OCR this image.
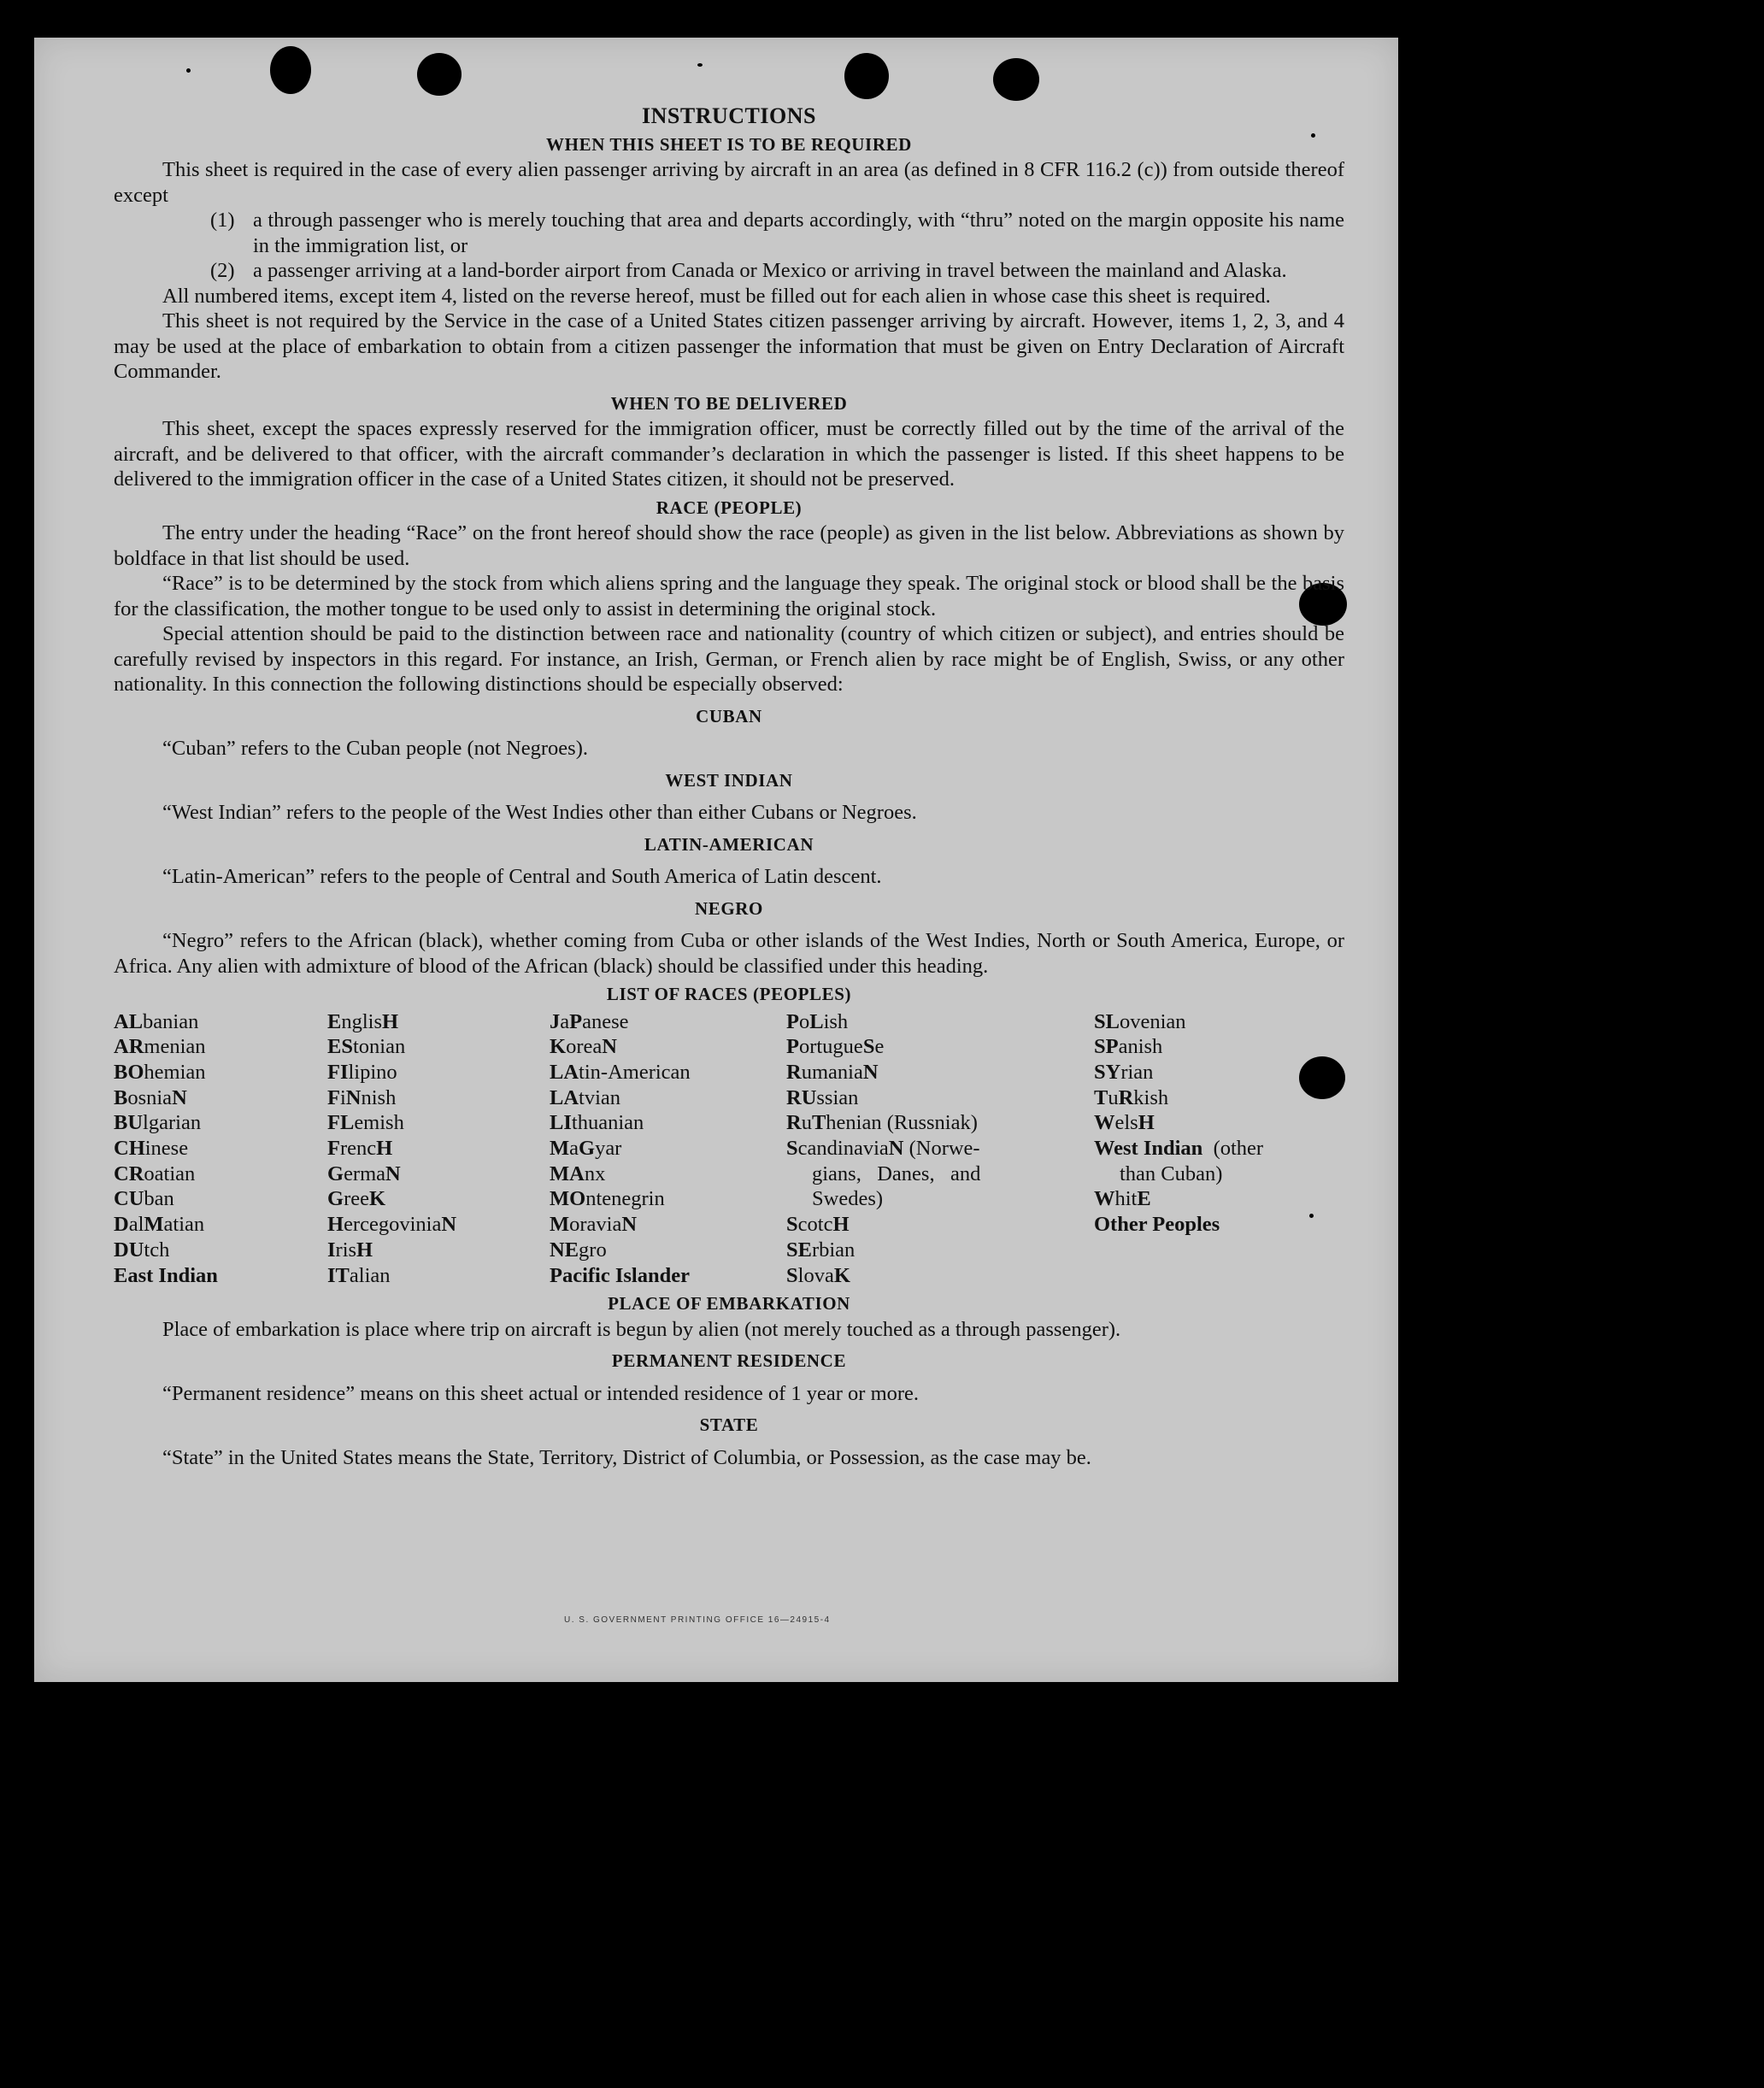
INSTRUCTIONS
WHEN THIS SHEET IS TO BE REQUIRED

This sheet is required in the case of every alien passenger arriving by aircraft in an area (as defined in 8 CFR 116.2 (c)) from outside thereof except

(1) a through passenger who is merely touching that area and departs accordingly, with “thru” noted on the margin opposite his name in the immigration list, or
(2) a passenger arriving at a land-border airport from Canada or Mexico or arriving in travel between the mainland and Alaska.

All numbered items, except item 4, listed on the reverse hereof, must be filled out for each alien in whose case this sheet is required.

This sheet is not required by the Service in the case of a United States citizen passenger arriving by aircraft. However, items 1, 2, 3, and 4 may be used at the place of embarkation to obtain from a citizen passenger the information that must be given on Entry Declaration of Aircraft Commander.

WHEN TO BE DELIVERED

This sheet, except the spaces expressly reserved for the immigration officer, must be correctly filled out by the time of the arrival of the aircraft, and be delivered to that officer, with the aircraft commander’s declaration in which the passenger is listed. If this sheet happens to be delivered to the immigration officer in the case of a United States citizen, it should not be preserved.

RACE (PEOPLE)

The entry under the heading “Race” on the front hereof should show the race (people) as given in the list below. Abbreviations as shown by boldface in that list should be used.

“Race” is to be determined by the stock from which aliens spring and the language they speak. The original stock or blood shall be the basis for the classification, the mother tongue to be used only to assist in determining the original stock.

Special attention should be paid to the distinction between race and nationality (country of which citizen or subject), and entries should be carefully revised by inspectors in this regard. For instance, an Irish, German, or French alien by race might be of English, Swiss, or any other nationality. In this connection the following distinctions should be especially observed:

CUBAN

“Cuban” refers to the Cuban people (not Negroes).

WEST INDIAN

“West Indian” refers to the people of the West Indies other than either Cubans or Negroes.

LATIN-AMERICAN

“Latin-American” refers to the people of Central and South America of Latin descent.

NEGRO

“Negro” refers to the African (black), whether coming from Cuba or other islands of the West Indies, North or South America, Europe, or Africa. Any alien with admixture of blood of the African (black) should be classified under this heading.

LIST OF RACES (PEOPLES)
ALbanian
ARmenian
BOhemian
BosniaN
BUlgarian
CHinese
CRoatian
CUban
DalMatian
DUtch
East Indian
EnglisH
EStonian
FIlipino
FiNnish
FLemish
FrencH
GermaN
GreeK
HercegoviniaN
IrisH
ITalian
JaPanese
KoreaN
LAtin-American
LAtvian
LIthuanian
MaGyar
MAnx
MOntenegrin
MoraviaN
NEgro
Pacific Islander
PoLish
PortugueSe
RumaniaN
RUssian
RuThenian (Russniak)
ScandinaviaN (Norwe-
gians,   Danes,   and
Swedes)
ScotcH
SErbian
SlovaK
SLovenian
SPanish
SYrian
TuRkish
WelsH
West Indian  (other
than Cuban)
WhitE
Other Peoples
PLACE OF EMBARKATION

Place of embarkation is place where trip on aircraft is begun by alien (not merely touched as a through passenger).

PERMANENT RESIDENCE

“Permanent residence” means on this sheet actual or intended residence of 1 year or more.

STATE

“State” in the United States means the State, Territory, District of Columbia, or Possession, as the case may be.

U. S. GOVERNMENT PRINTING OFFICE 16—24915-4
